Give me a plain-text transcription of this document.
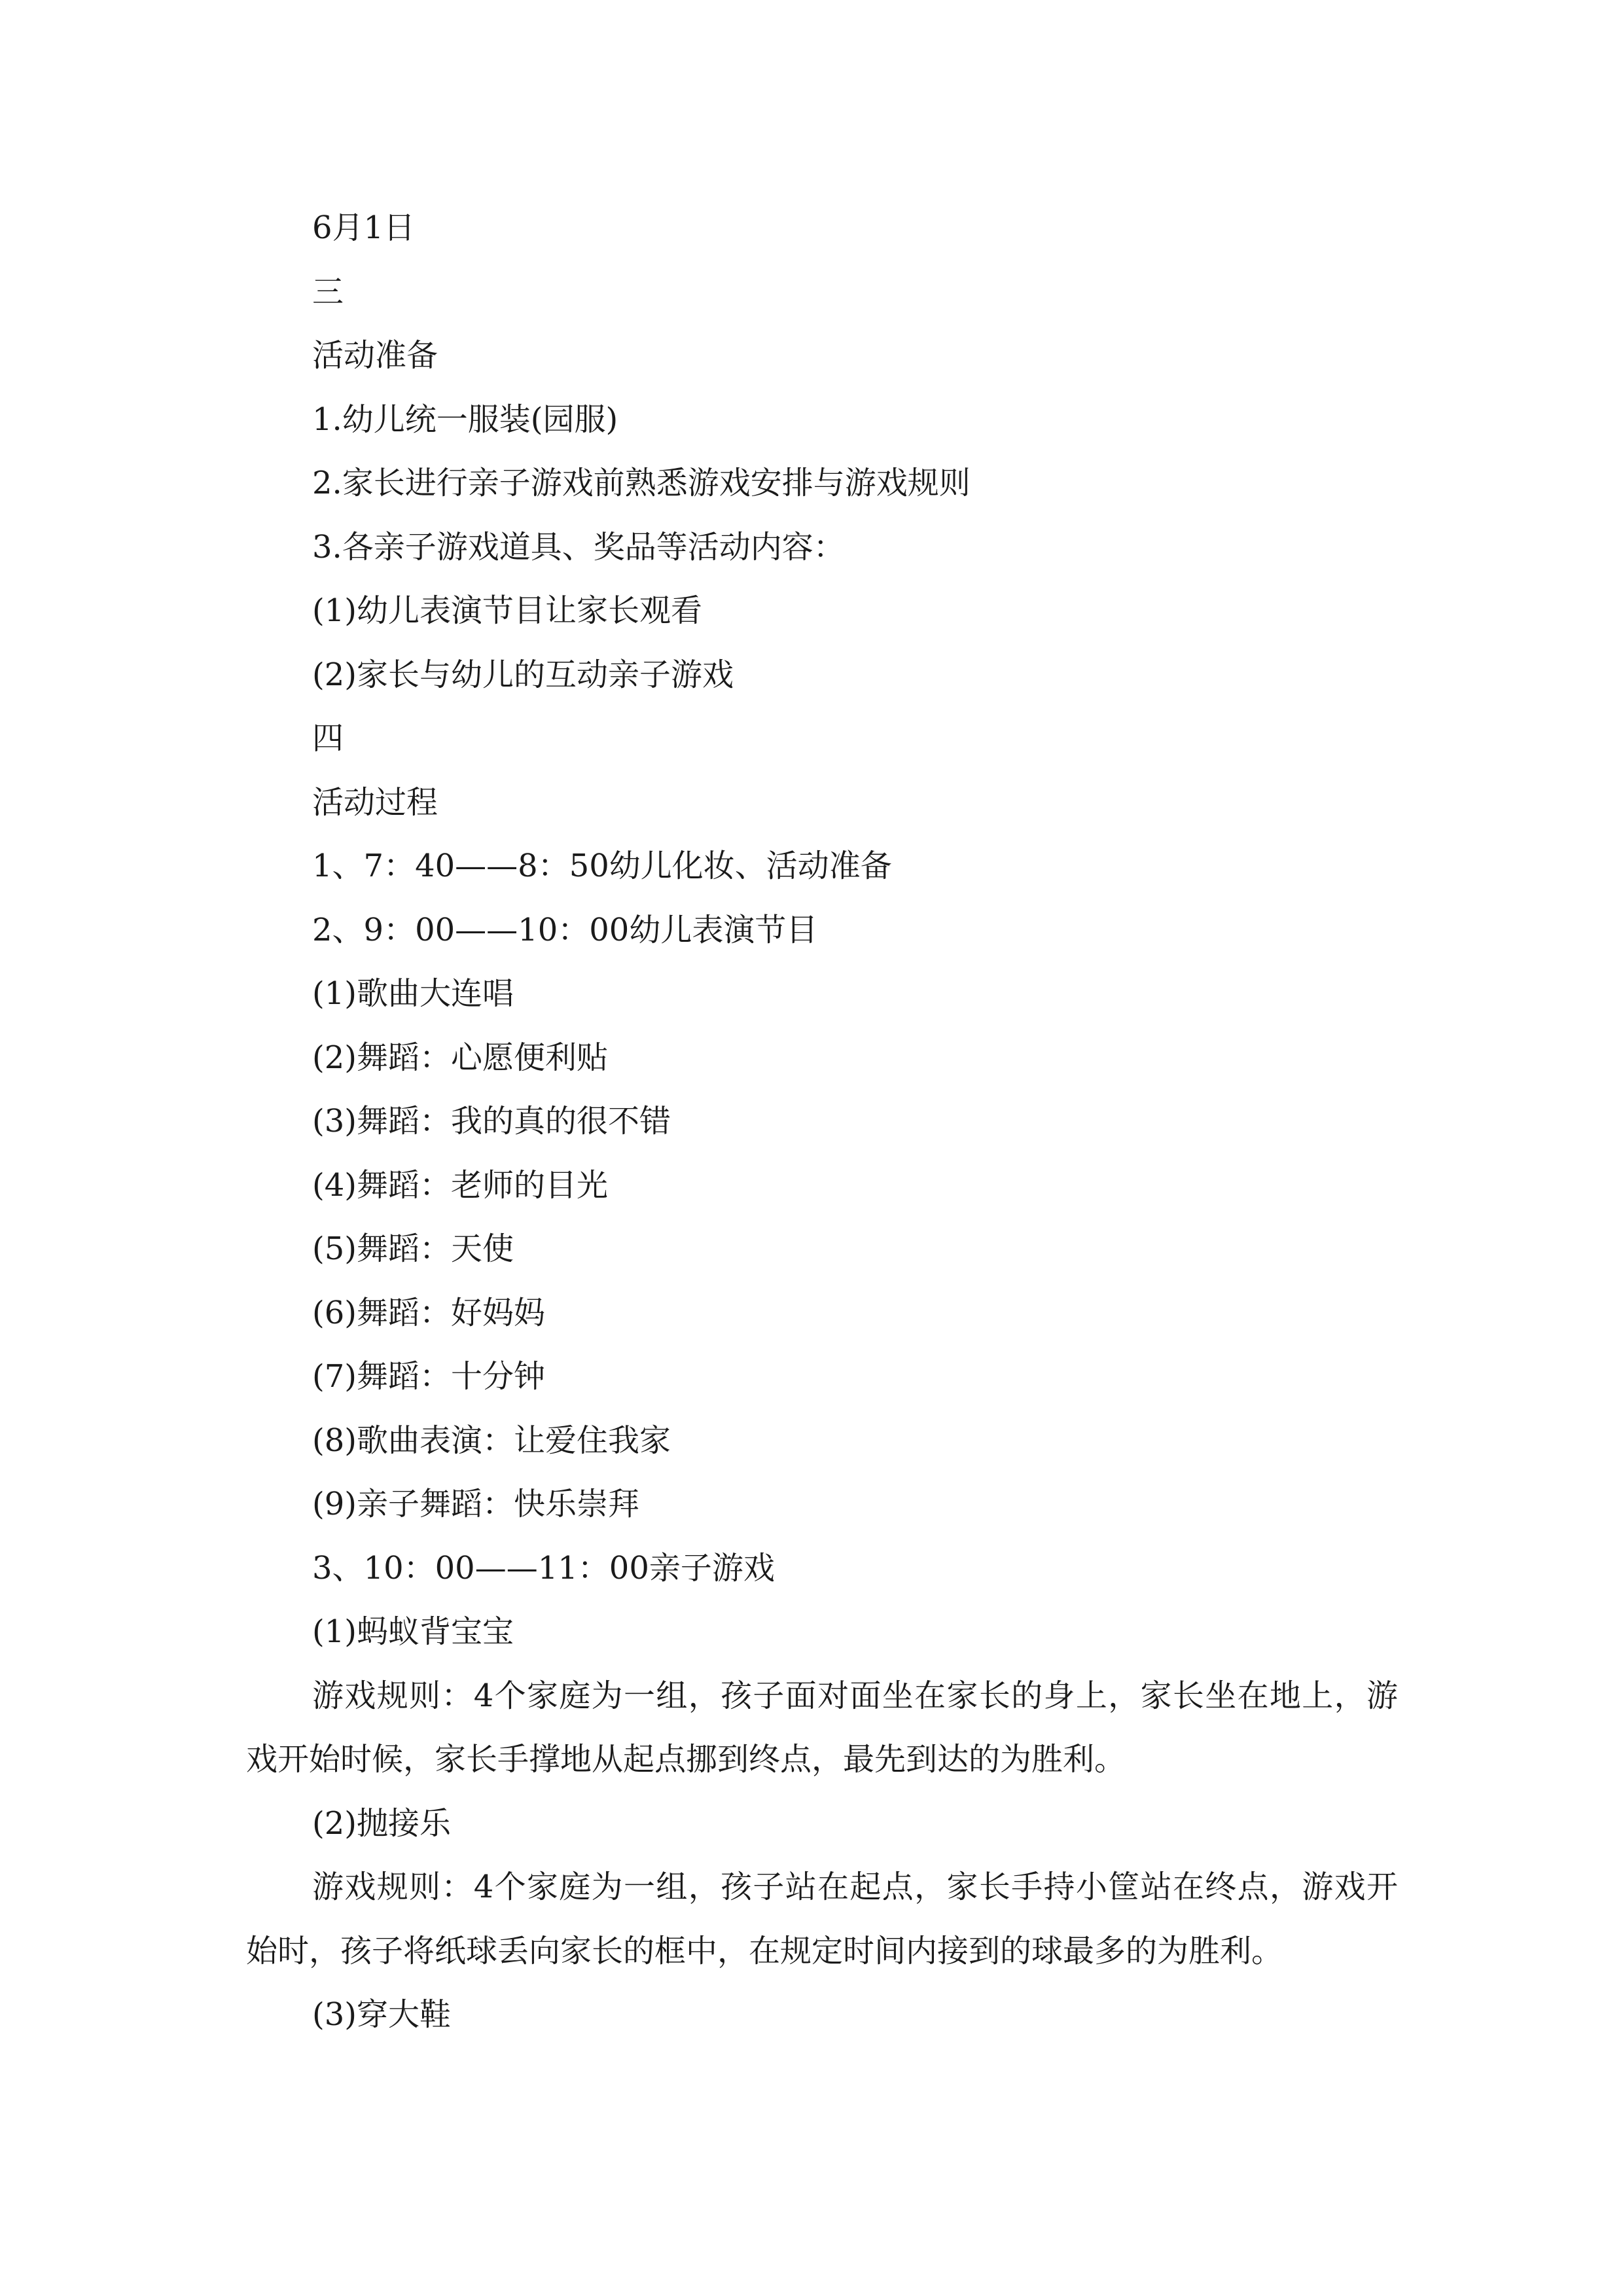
6月1日
三
活动准备
1.幼儿统一服装(园服)
2.家长进行亲子游戏前熟悉游戏安排与游戏规则
3.各亲子游戏道具、奖品等活动内容：
(1)幼儿表演节目让家长观看
(2)家长与幼儿的互动亲子游戏
四
活动过程
1、7：40——8：50幼儿化妆、活动准备
2、9：00——10：00幼儿表演节目
(1)歌曲大连唱
(2)舞蹈：心愿便利贴
(3)舞蹈：我的真的很不错
(4)舞蹈：老师的目光
(5)舞蹈：天使
(6)舞蹈：好妈妈
(7)舞蹈：十分钟
(8)歌曲表演：让爱住我家
(9)亲子舞蹈：快乐崇拜
3、10：00——11：00亲子游戏
(1)蚂蚁背宝宝
游戏规则：4个家庭为一组，孩子面对面坐在家长的身上，家长坐在地上，游戏开始时候，家长手撑地从起点挪到终点，最先到达的为胜利。
(2)抛接乐
游戏规则：4个家庭为一组，孩子站在起点，家长手持小筐站在终点，游戏开始时，孩子将纸球丢向家长的框中，在规定时间内接到的球最多的为胜利。
(3)穿大鞋
